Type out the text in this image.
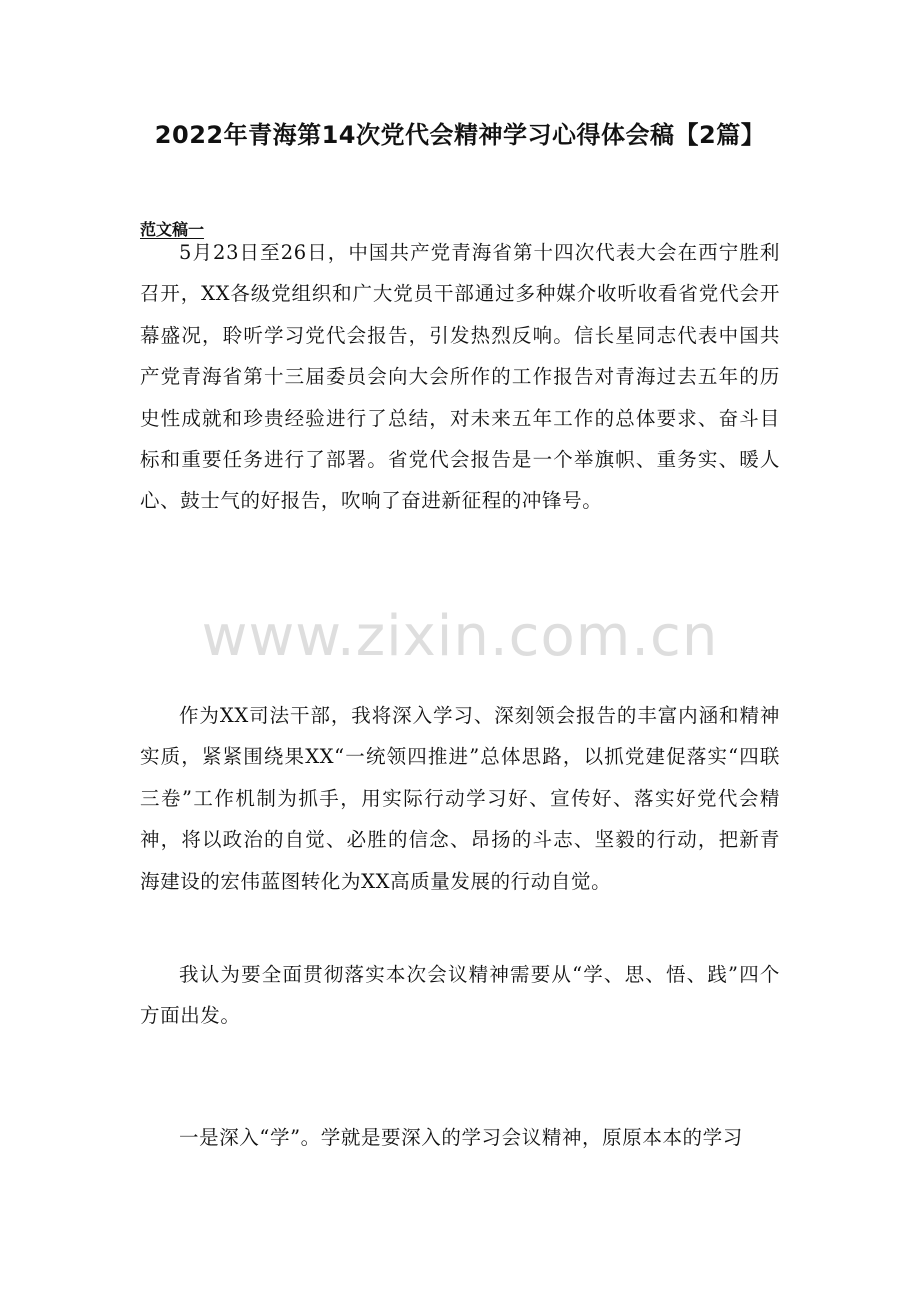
2022年青海第14次党代会精神学习心得体会稿【2篇】
范文稿一

5月23日至26日，中国共产党青海省第十四次代表大会在西宁胜利召开，XX各级党组织和广大党员干部通过多种媒介收听收看省党代会开幕盛况，聆听学习党代会报告，引发热烈反响。信长星同志代表中国共产党青海省第十三届委员会向大会所作的工作报告对青海过去五年的历史性成就和珍贵经验进行了总结，对未来五年工作的总体要求、奋斗目标和重要任务进行了部署。省党代会报告是一个举旗帜、重务实、暖人心、鼓士气的好报告，吹响了奋进新征程的冲锋号。

作为XX司法干部，我将深入学习、深刻领会报告的丰富内涵和精神实质，紧紧围绕果XX“一统领四推进”总体思路，以抓党建促落实“四联三卷”工作机制为抓手，用实际行动学习好、宣传好、落实好党代会精神，将以政治的自觉、必胜的信念、昂扬的斗志、坚毅的行动，把新青海建设的宏伟蓝图转化为XX高质量发展的行动自觉。

我认为要全面贯彻落实本次会议精神需要从“学、思、悟、践”四个方面出发。

一是深入“学”。学就是要深入的学习会议精神，原原本本的学习

www.zixin.com.cn
